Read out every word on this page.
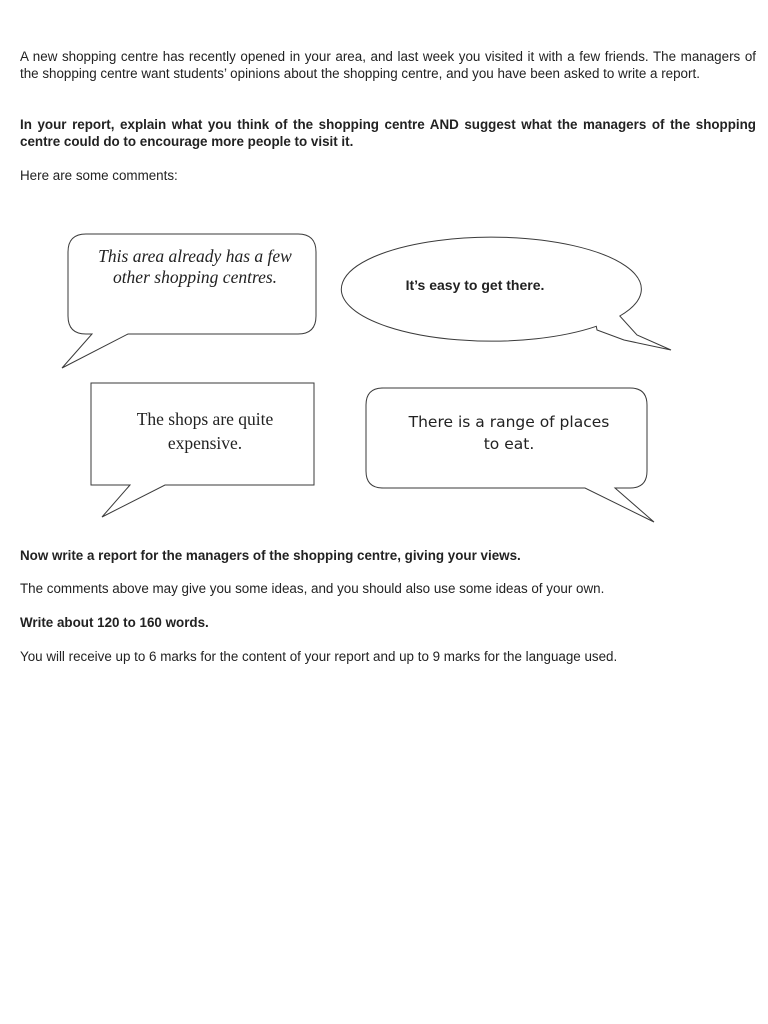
A new shopping centre has recently opened in your area, and last week you visited it with a few friends. The managers of the shopping centre want students’ opinions about the shopping centre, and you have been asked to write a report.

In your report, explain what you think of the shopping centre AND suggest what the managers of the shopping centre could do to encourage more people to visit it.

Here are some comments:

This area already has a few other shopping centres.	It’s easy to get there.
The shops are quite expensive.
There is a range of places to eat.

Now write a report for the managers of the shopping centre, giving your views.

The comments above may give you some ideas, and you should also use some ideas of your own.

Write about 120 to 160 words.

You will receive up to 6 marks for the content of your report and up to 9 marks for the language used.
